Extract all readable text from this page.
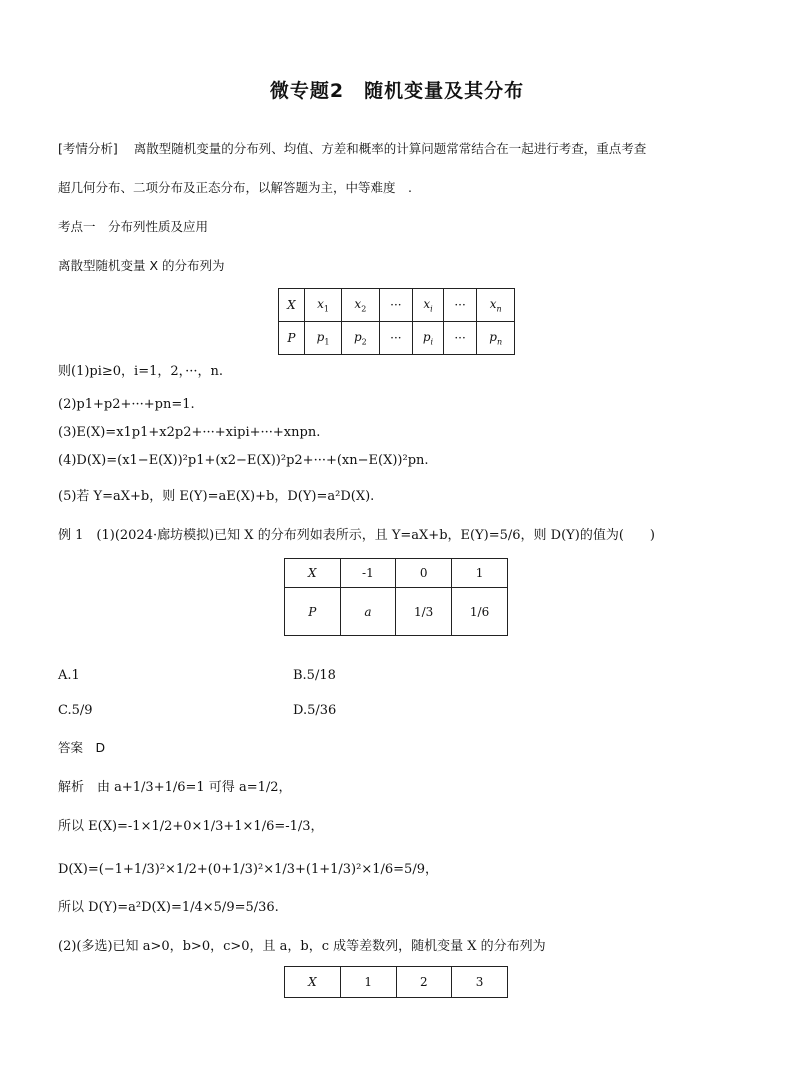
微专题2　随机变量及其分布
[考情分析] 离散型随机变量的分布列、均值、方差和概率的计算问题常常结合在一起进行考查，重点考查
超几何分布、二项分布及正态分布，以解答题为主，中等难度　.
考点一　分布列性质及应用
离散型随机变量 X 的分布列为
X	$x_1$	$x_2$	···	$x_i$	···	$x_n$
P	$p_1$	$p_2$	···	$p_i$	···	$p_n$
则(1)pi≥0，i=1，2，···，n.
(2)p1+p2+···+pn=1.
(3)E(X)=x1p1+x2p2+···+xipi+···+xnpn.
(4)D(X)=(x1−E(X))²p1+(x2−E(X))²p2+···+(xn−E(X))²pn.
(5)若 Y=aX+b，则 E(Y)=aE(X)+b，D(Y)=a²D(X).
例 1　(1)(2024·廊坊模拟)已知 X 的分布列如表所示，且 Y=aX+b，E(Y)=5/6，则 D(Y)的值为(　　)
X	-1	0	1
P	a	1/3	1/6
A.1	B.5/18
C.5/9	D.5/36
答案　D
解析　由 a+1/3+1/6=1 可得 a=1/2，
所以 E(X)=-1×1/2+0×1/3+1×1/6=-1/3，
D(X)=(−1+1/3)²×1/2+(0+1/3)²×1/3+(1+1/3)²×1/6=5/9，
所以 D(Y)=a²D(X)=1/4×5/9=5/36.
(2)(多选)已知 a>0，b>0，c>0，且 a，b，c 成等差数列，随机变量 X 的分布列为
X	1	2	3
